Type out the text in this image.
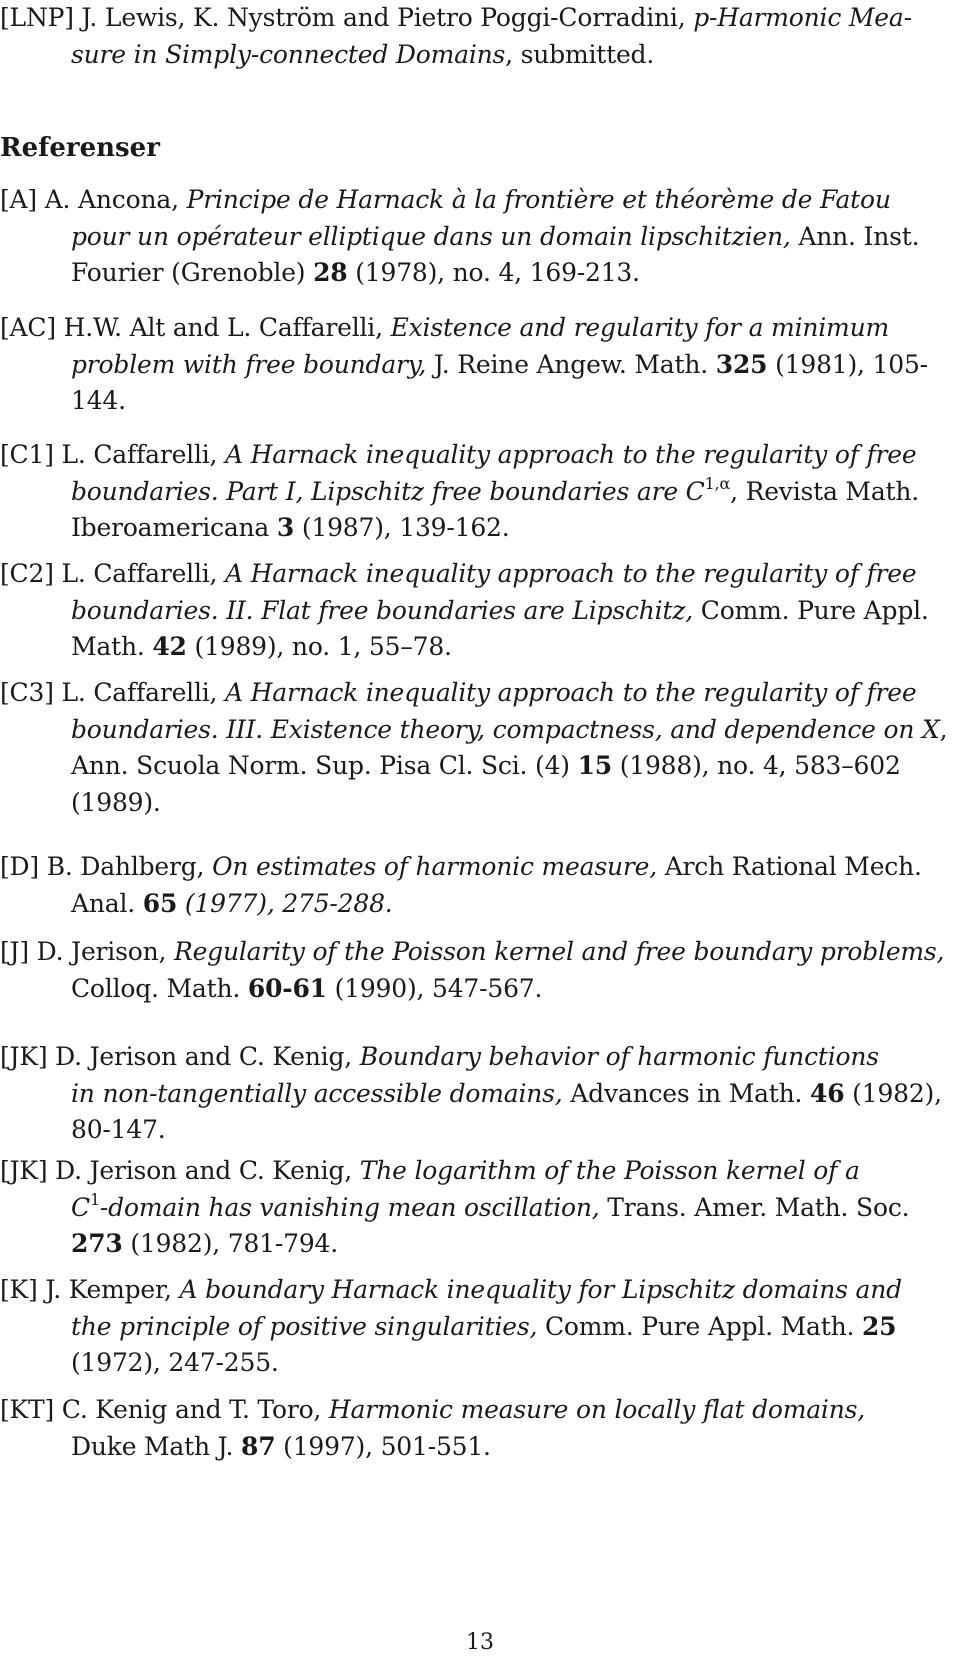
Referenser
[LNP] J. Lewis, K. Nyström and Pietro Poggi-Corradini, p-Harmonic Mea-
sure in Simply-connected Domains, submitted.
[A] A. Ancona, Principe de Harnack à la frontière et théorème de Fatou
pour un opérateur elliptique dans un domain lipschitzien, Ann. Inst.
Fourier (Grenoble) 28 (1978), no. 4, 169-213.
[AC] H.W. Alt and L. Caffarelli, Existence and regularity for a minimum
problem with free boundary, J. Reine Angew. Math. 325 (1981), 105-
144.
[C1] L. Caffarelli, A Harnack inequality approach to the regularity of free
boundaries. Part I, Lipschitz free boundaries are $C^{1,\alpha}$, Revista Math.
Iberoamericana 3 (1987), 139-162.
[C2] L. Caffarelli, A Harnack inequality approach to the regularity of free
boundaries. II. Flat free boundaries are Lipschitz, Comm. Pure Appl.
Math. 42 (1989), no. 1, 55–78.
[C3] L. Caffarelli, A Harnack inequality approach to the regularity of free
boundaries. III. Existence theory, compactness, and dependence on X,
Ann. Scuola Norm. Sup. Pisa Cl. Sci. (4) 15 (1988), no. 4, 583–602
(1989).
[D] B. Dahlberg, On estimates of harmonic measure, Arch Rational Mech.
Anal. 65 (1977), 275-288.
[J] D. Jerison, Regularity of the Poisson kernel and free boundary problems,
Colloq. Math. 60-61 (1990), 547-567.
[JK] D. Jerison and C. Kenig, Boundary behavior of harmonic functions
in non-tangentially accessible domains, Advances in Math. 46 (1982),
80-147.
[JK] D. Jerison and C. Kenig, The logarithm of the Poisson kernel of a
$C^1$-domain has vanishing mean oscillation, Trans. Amer. Math. Soc.
273 (1982), 781-794.
[K] J. Kemper, A boundary Harnack inequality for Lipschitz domains and
the principle of positive singularities, Comm. Pure Appl. Math. 25
(1972), 247-255.
[KT] C. Kenig and T. Toro, Harmonic measure on locally flat domains,
Duke Math J. 87 (1997), 501-551.
13
